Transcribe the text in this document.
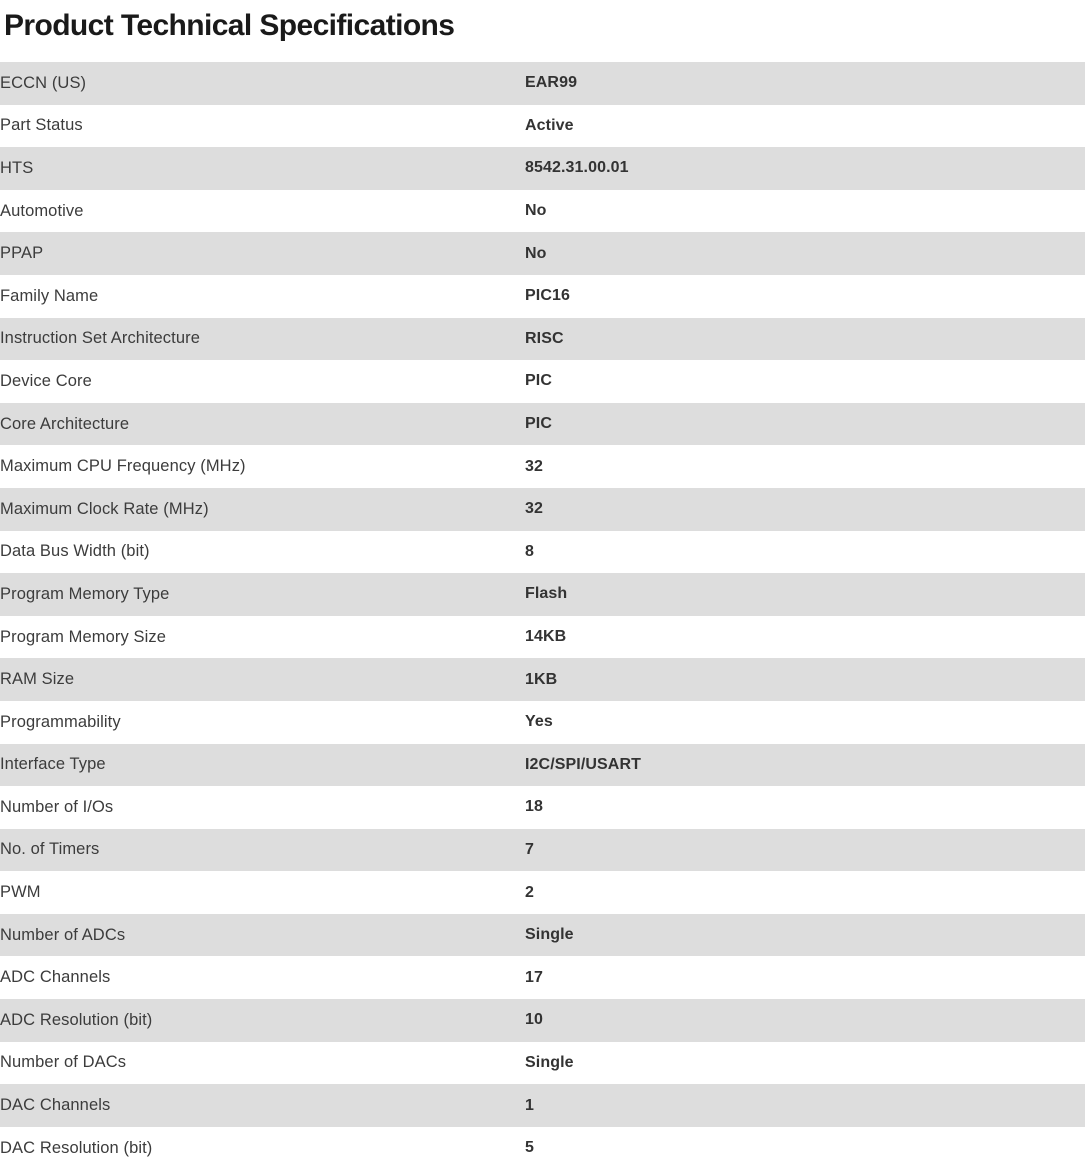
Product Technical Specifications
ECCN (US)	EAR99
Part Status	Active
HTS	8542.31.00.01
Automotive	No
PPAP	No
Family Name	PIC16
Instruction Set Architecture	RISC
Device Core	PIC
Core Architecture	PIC
Maximum CPU Frequency (MHz)	32
Maximum Clock Rate (MHz)	32
Data Bus Width (bit)	8
Program Memory Type	Flash
Program Memory Size	14KB
RAM Size	1KB
Programmability	Yes
Interface Type	I2C/SPI/USART
Number of I/Os	18
No. of Timers	7
PWM	2
Number of ADCs	Single
ADC Channels	17
ADC Resolution (bit)	10
Number of DACs	Single
DAC Channels	1
DAC Resolution (bit)	5
